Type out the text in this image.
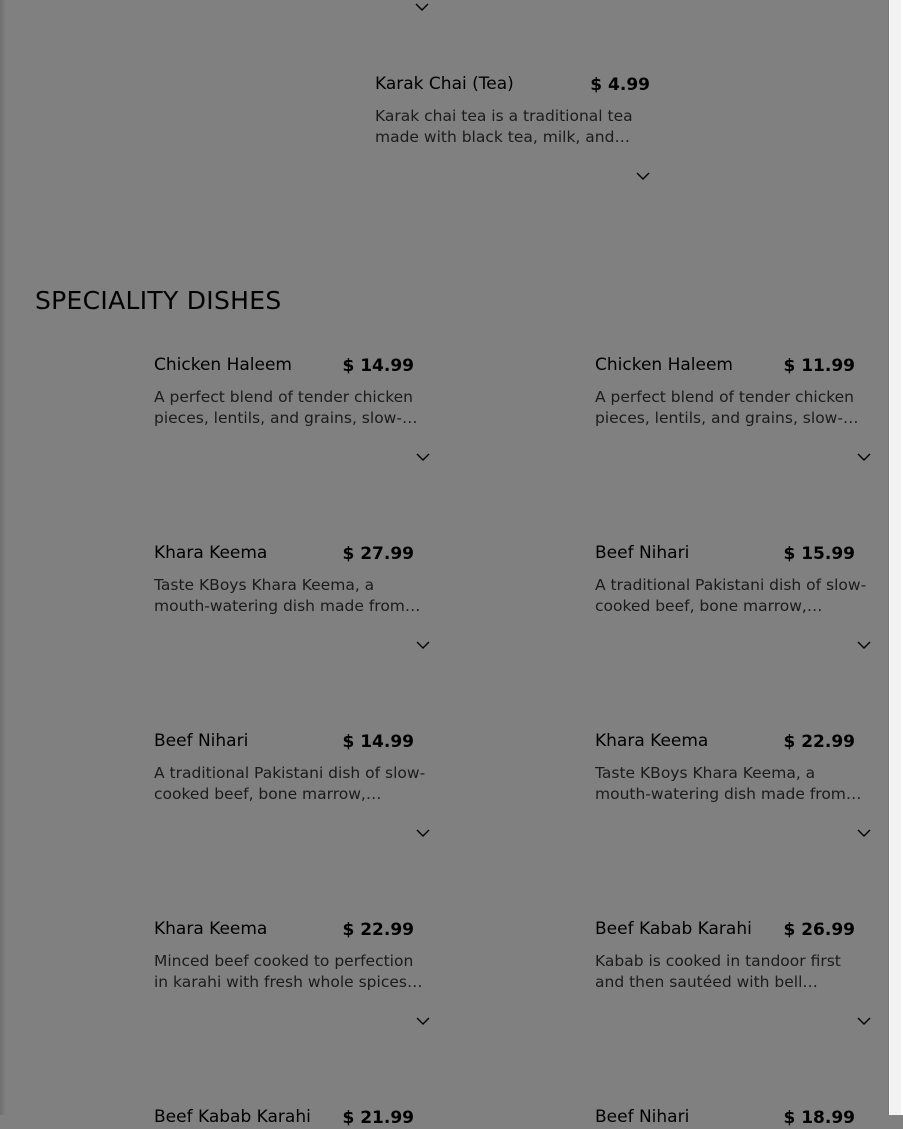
Karak Chai (Tea)	$ 4.99
Karak chai tea is a traditional tea made with black tea, milk, and…
SPECIALITY DISHES
Chicken Haleem	$ 14.99
A perfect blend of tender chicken pieces, lentils, and grains, slow-…
Chicken Haleem	$ 11.99
A perfect blend of tender chicken pieces, lentils, and grains, slow-…
Khara Keema	$ 27.99
Taste KBoys Khara Keema, a mouth-watering dish made from…
Beef Nihari	$ 15.99
A traditional Pakistani dish of slow-cooked beef, bone marrow,…
Beef Nihari	$ 14.99
A traditional Pakistani dish of slow-cooked beef, bone marrow,…
Khara Keema	$ 22.99
Taste KBoys Khara Keema, a mouth-watering dish made from…
Khara Keema	$ 22.99
Minced beef cooked to perfection in karahi with fresh whole spices…
Beef Kabab Karahi $ 26.99
Kabab is cooked in tandoor first and then sautéed with bell…
Beef Kabab Karahi $ 21.99	Beef Nihari	$ 18.99
